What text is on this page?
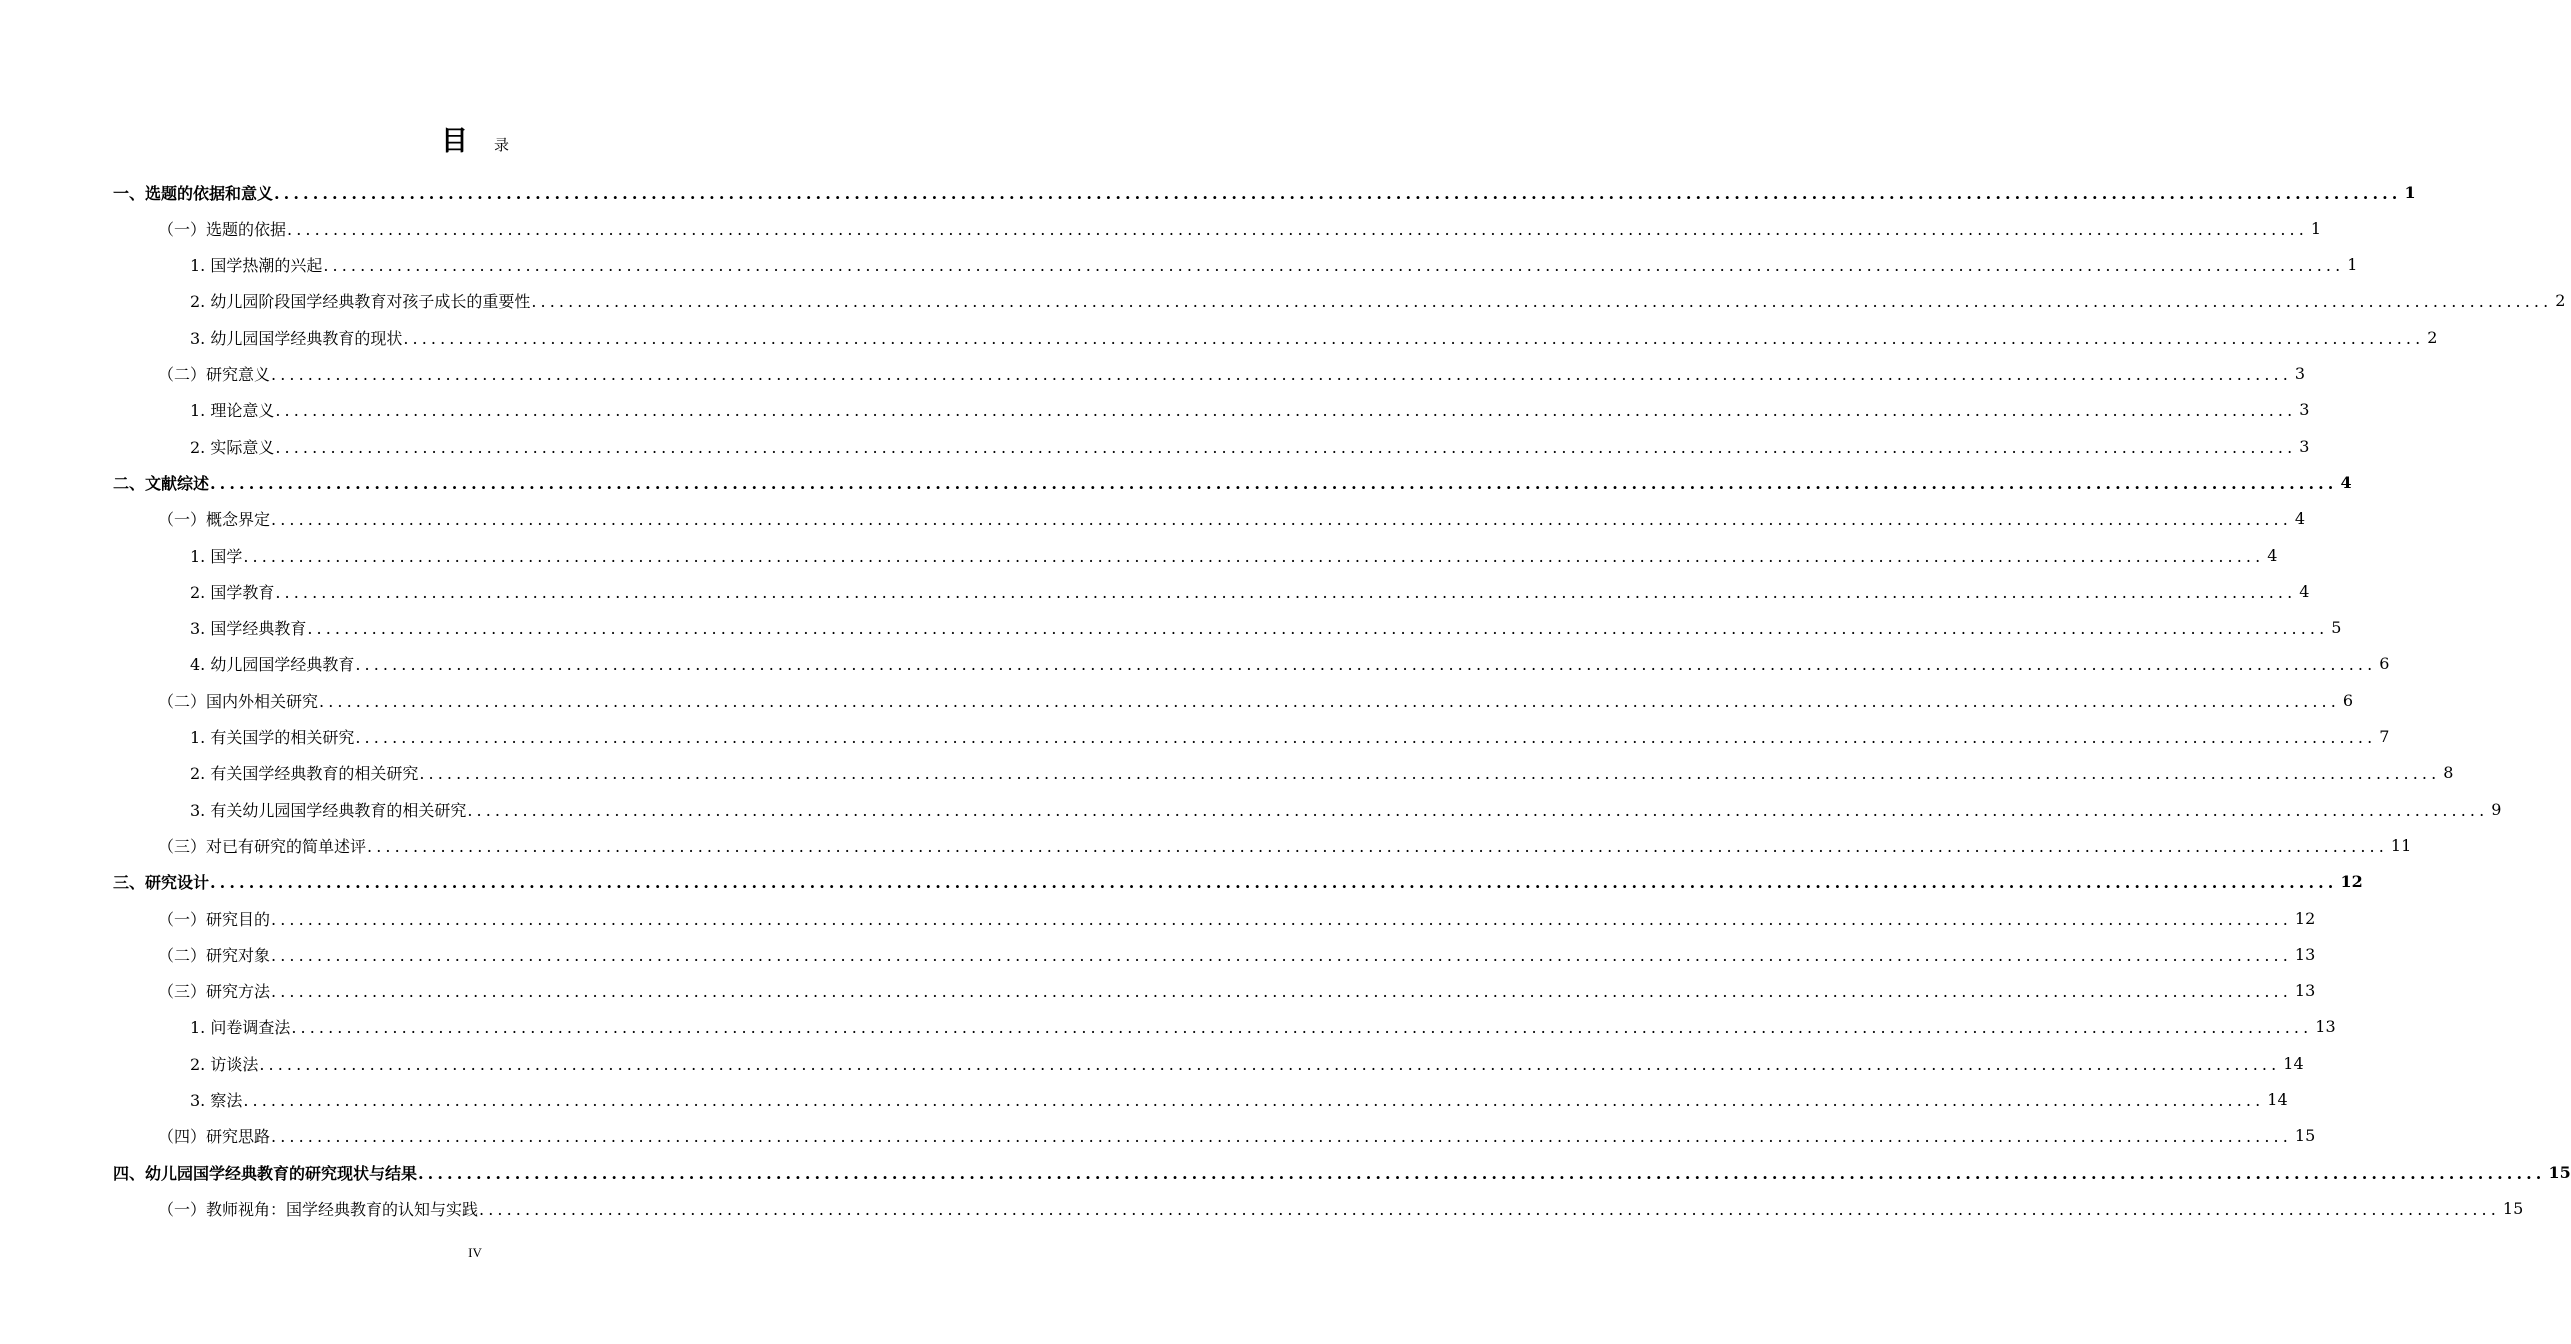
目 录
一、选题的依据和意义 ............................................................................................................................................................................................................................ 1
（一）选题的依据 ............................................................................................................................................................................................................................ 1
1. 国学热潮的兴起 ............................................................................................................................................................................................................................ 1
2. 幼儿园阶段国学经典教育对孩子成长的重要性 ............................................................................................................................................................................................................................ 2
3. 幼儿园国学经典教育的现状 ............................................................................................................................................................................................................................ 2
（二）研究意义 ............................................................................................................................................................................................................................ 3
1. 理论意义 ............................................................................................................................................................................................................................ 3
2. 实际意义 ............................................................................................................................................................................................................................ 3
二、文献综述 ............................................................................................................................................................................................................................ 4
（一）概念界定 ............................................................................................................................................................................................................................ 4
1. 国学 ............................................................................................................................................................................................................................ 4
2. 国学教育 ............................................................................................................................................................................................................................ 4
3. 国学经典教育 ............................................................................................................................................................................................................................ 5
4. 幼儿园国学经典教育 ............................................................................................................................................................................................................................ 6
（二）国内外相关研究 ............................................................................................................................................................................................................................ 6
1. 有关国学的相关研究 ............................................................................................................................................................................................................................ 7
2. 有关国学经典教育的相关研究 ............................................................................................................................................................................................................................ 8
3. 有关幼儿园国学经典教育的相关研究 ............................................................................................................................................................................................................................ 9
（三）对已有研究的简单述评 ............................................................................................................................................................................................................................ 11
三、研究设计 ............................................................................................................................................................................................................................ 12
（一）研究目的 ............................................................................................................................................................................................................................ 12
（二）研究对象 ............................................................................................................................................................................................................................ 13
（三）研究方法 ............................................................................................................................................................................................................................ 13
1. 问卷调查法 ............................................................................................................................................................................................................................ 13
2. 访谈法 ............................................................................................................................................................................................................................ 14
3. 察法 ............................................................................................................................................................................................................................ 14
（四）研究思路 ............................................................................................................................................................................................................................ 15
四、幼儿园国学经典教育的研究现状与结果 ............................................................................................................................................................................................................................ 15
（一）教师视角：国学经典教育的认知与实践 ............................................................................................................................................................................................................................ 15
IV
